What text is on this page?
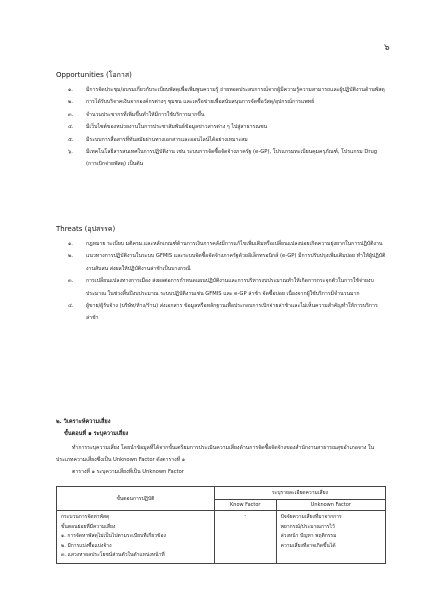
๖
Opportunities (โอกาส)
๑.	มีการจัดประชุม/อบรมเกี่ยวกับระเบียบพัสดุเพื่อเพิ่มพูนความรู้ ถ่ายทอดประสบการณ์จากผู้มีความรู้ความสามารถและผู้ปฏิบัติงานด้านพัสดุ
๒. การได้รับบริจาคเงินจากองค์กรต่างๆ ชุมชน และเครือข่ายเพื่อสนับสนุนการจัดซื้อวัสดุ/อุปกรณ์การแพทย์
๓. จำนวนประชากรที่เพิ่มขึ้นทำให้มีการใช้บริการมากขึ้น
๔. มีเว็บไซต์ของหน่วยงานในการประชาสัมพันธ์ข้อมูลข่าวสารต่าง ๆ ไปสู่สาธารณชน
๕. มีระบบการสื่อสารที่ทันสมัยผ่านทางเอกสารและออนไลน์ได้อย่างเหมาะสม
๖.	มีเทคโนโลยีสารสนเทศในการปฏิบัติงาน เช่น ระบบการจัดซื้อจัดจ้างภาครัฐ (e-GP), โปรแกรมทะเบียนคุมครุภัณฑ์, โปรแกรม Drug (การเบิกจ่ายพัสดุ) เป็นต้น
Threats (อุปสรรค)
๑.	กฎหมาย ระเบียบ มติครม.และหลักเกณฑ์ด้านการเงินการคลังมีการแก้ไขเพิ่มเติมหรือเปลี่ยนแปลงบ่อยเกิดความยุ่งยากในการปฏิบัติงาน
๒. แนวทางการปฏิบัติงานในระบบ GFMIS และระบบจัดซื้อจัดจ้างภาครัฐด้วยอิเล็กทรอนิกส์ (e-GP) มีการปรับปรุงเพิ่มเติมบ่อย ทำให้ผู้ปฏิบัติงานสับสน ส่งผลให้ปฏิบัติงานล่าช้าเป็นบางกรณี
๓. การเปลี่ยนแปลงทางการเมือง ส่งผลต่อการกำหนดแผนปฏิบัติงานและการบริหารงบประมาณทำให้เกิดการกระจุกตัวในการใช้จ่ายงบประมาณ ในช่วงสิ้นปีงบประมาณ ระบบปฏิบัติงานเช่น GFMIS และ e-GP ล่าช้า จัดซื้อบ่อย เนื่องจากผู้ใช้บริการมีจำนวนมาก
๔. ผู้ขาย/ผู้รับจ้าง (บริษัท/ห้าง/ร้าน) ส่งเอกสาร ข้อมูลหรือหลักฐานเพื่อประกอบการเบิกจ่ายล่าช้าและไม่เห็นความสำคัญทำให้การบริการล่าช้า
๒. วิเคราะห์ความเสี่ยง
ขั้นตอนที่ ๑ ระบุความเสี่ยง

ทำการระบุความเสี่ยง โดยนำข้อมูลที่ได้จากขั้นเตรียมการประเมินความเสี่ยงด้านการจัดซื้อจัดจ้างของสำนักงานสาธารณสุขอำเภอจาง ในประเภทความเสี่ยงซึ่งเป็น Unknown Factor ดังตารางที่ ๑

ตารางที่ ๑ ระบุความเสี่ยงที่เป็น Unknown Factor

ขั้นตอนการปฏิบัติ	ระบุรายละเอียดความเสี่ยง	
	Know Factor	Unknown Factor

กระบวนการจัดหาพัสดุ
ขั้นตอนย่อยที่มีความเสี่ยง
๑. การจัดหาพัสดุไม่เป็นไปตามระเบียบที่เกี่ยวข้อง
๒. มีการแบ่งซื้อแบ่งจ้าง
๓. แสวงหาผลประโยชน์ส่วนตัวในตำแหน่งหน้าที่	-	ปัจจัยความเสี่ยงที่มาจากการ
พยากรณ์/ประมาณการไว้
ล่วงหน้า ปัญหา พฤติกรรม
ความเสี่ยงที่อาจเกิดขึ้นได้
